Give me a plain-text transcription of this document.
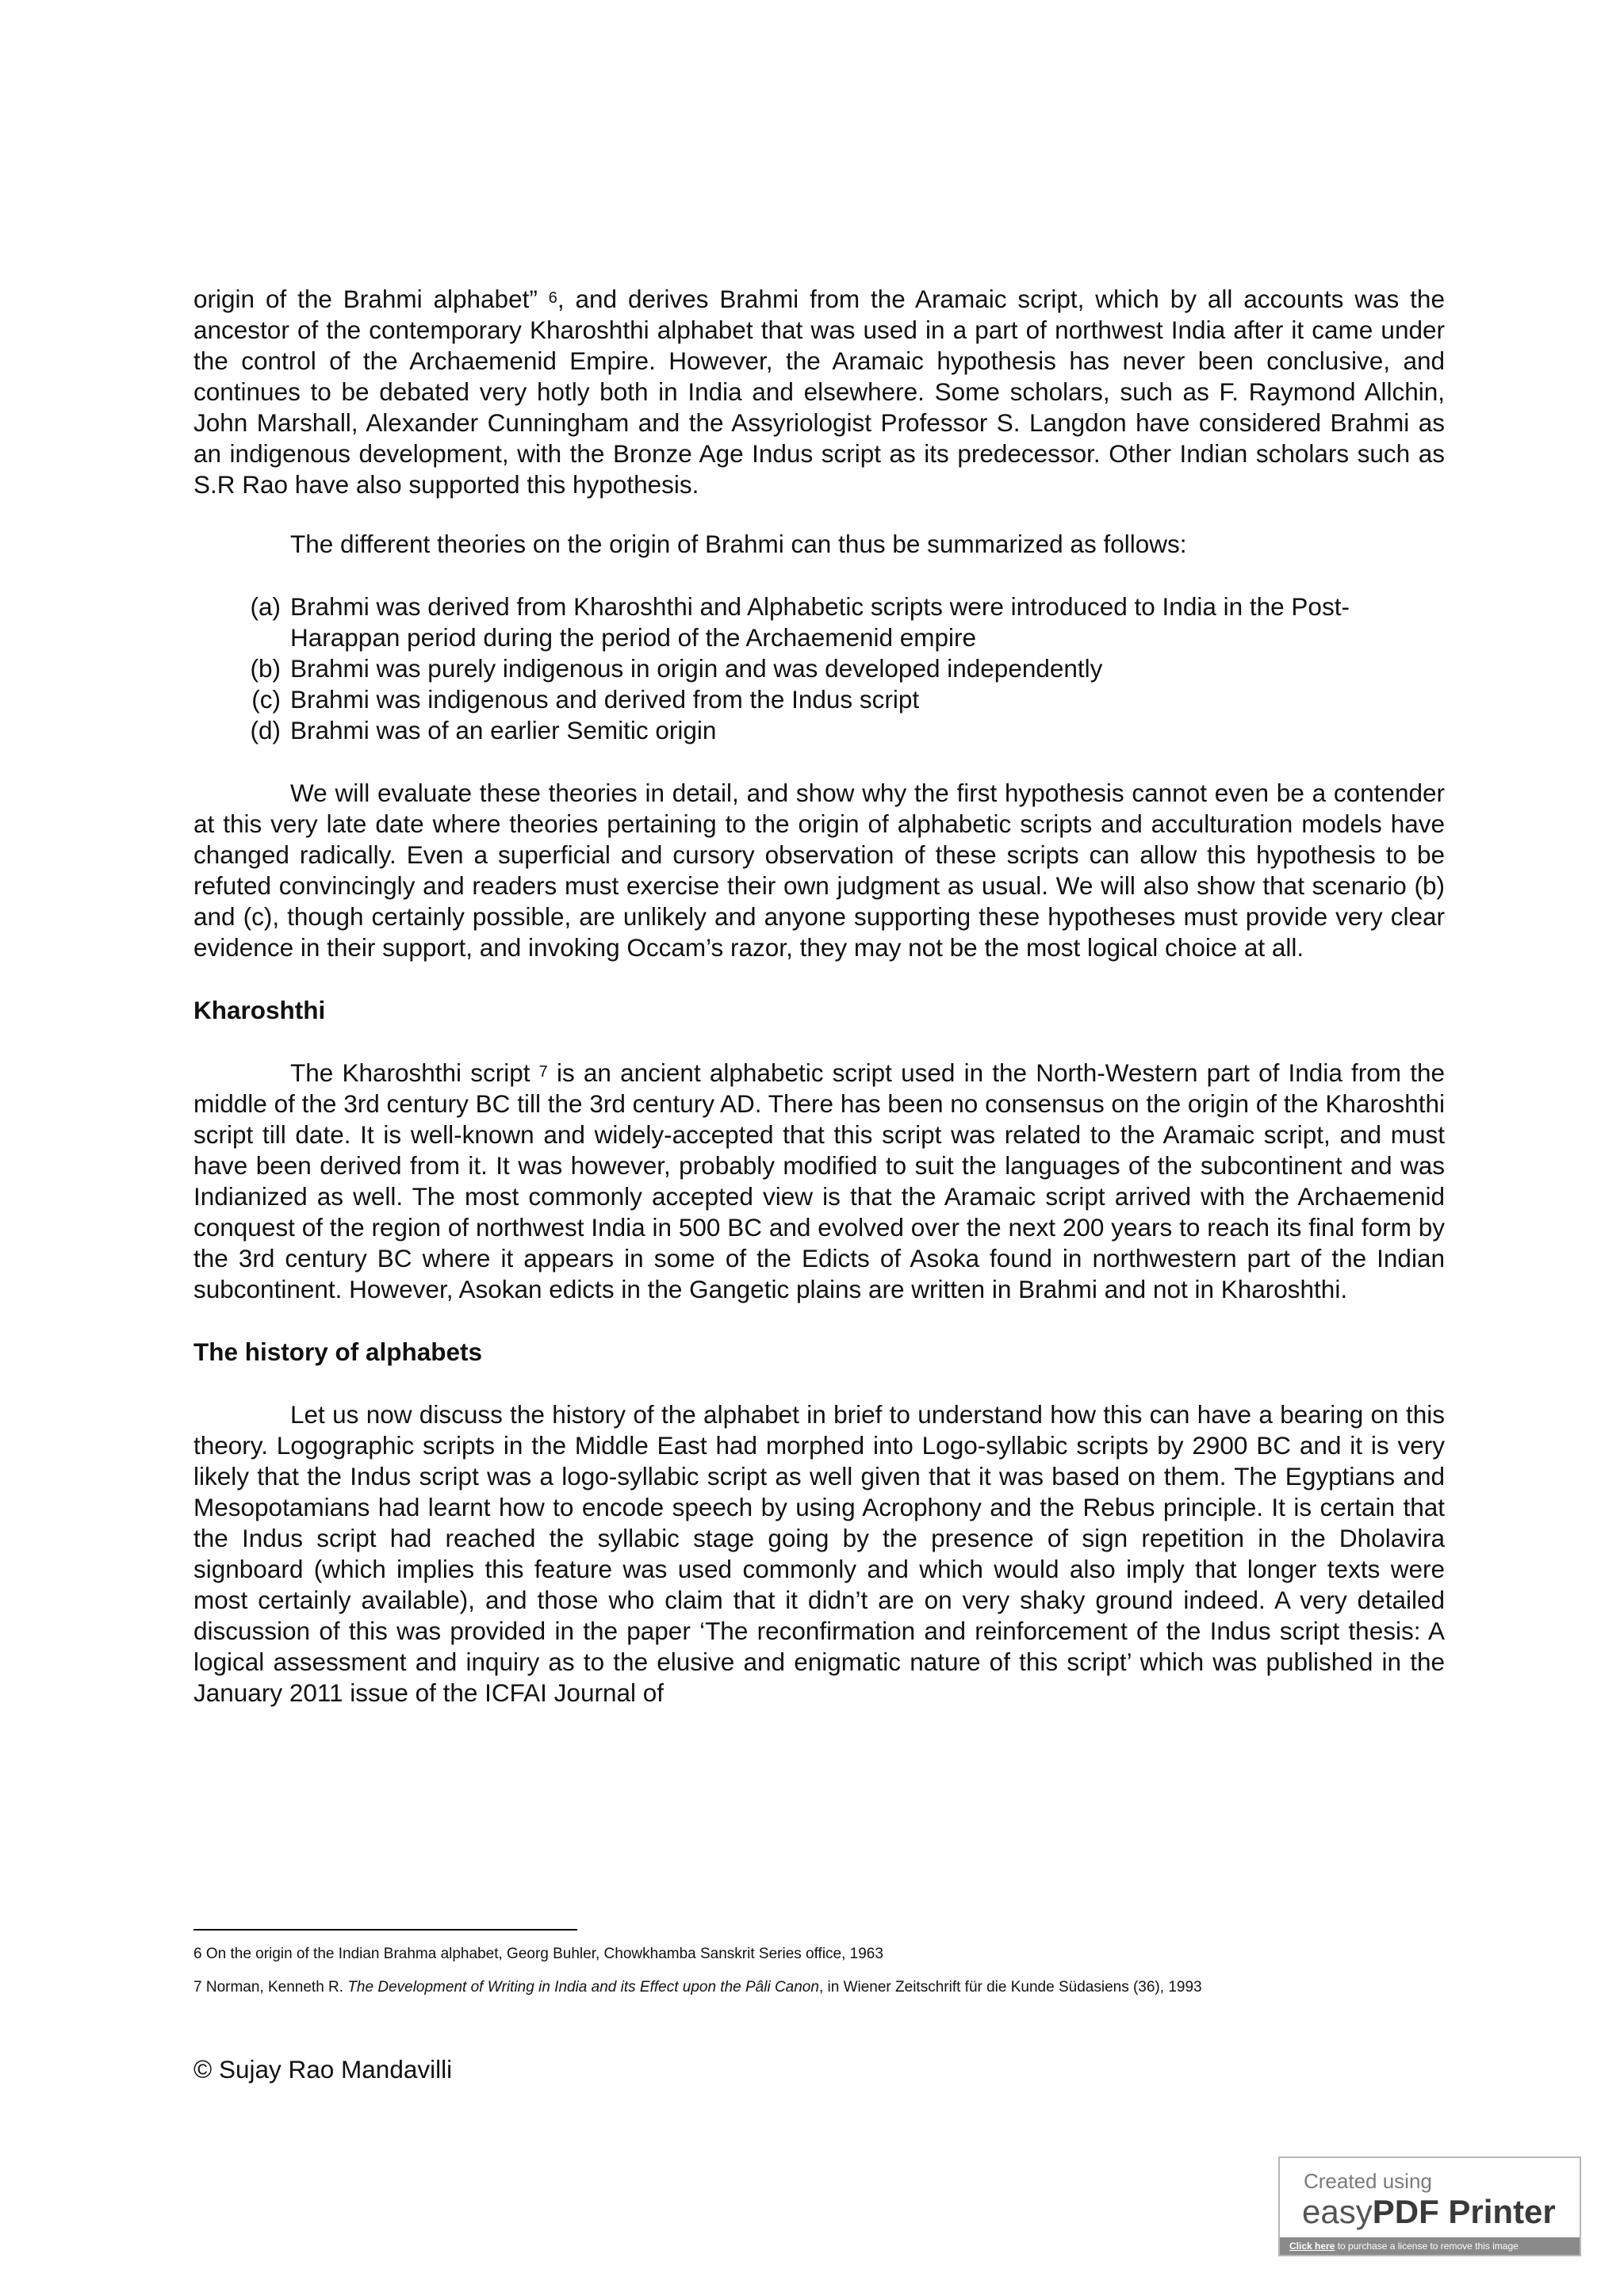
origin of the Brahmi alphabet” $^6$, and derives Brahmi from the Aramaic script, which by all accounts was the ancestor of the contemporary Kharoshthi alphabet that was used in a part of northwest India after it came under the control of the Archaemenid Empire. However, the Aramaic hypothesis has never been conclusive, and continues to be debated very hotly both in India and elsewhere. Some scholars, such as F. Raymond Allchin, John Marshall, Alexander Cunningham and the Assyriologist Professor S. Langdon have considered Brahmi as an indigenous development, with the Bronze Age Indus script as its predecessor. Other Indian scholars such as S.R Rao have also supported this hypothesis.

The different theories on the origin of Brahmi can thus be summarized as follows:

(a) Brahmi was derived from Kharoshthi and Alphabetic scripts were introduced to India in the Post-Harappan period during the period of the Archaemenid empire
(b) Brahmi was purely indigenous in origin and was developed independently
(c) Brahmi was indigenous and derived from the Indus script
(d) Brahmi was of an earlier Semitic origin

We will evaluate these theories in detail, and show why the first hypothesis cannot even be a contender at this very late date where theories pertaining to the origin of alphabetic scripts and acculturation models have changed radically. Even a superficial and cursory observation of these scripts can allow this hypothesis to be refuted convincingly and readers must exercise their own judgment as usual. We will also show that scenario (b) and (c), though certainly possible, are unlikely and anyone supporting these hypotheses must provide very clear evidence in their support, and invoking Occam’s razor, they may not be the most logical choice at all.

Kharoshthi

The Kharoshthi script $^7$ is an ancient alphabetic script used in the North-Western part of India from the middle of the 3rd century BC till the 3rd century AD. There has been no consensus on the origin of the Kharoshthi script till date. It is well-known and widely-accepted that this script was related to the Aramaic script, and must have been derived from it. It was however, probably modified to suit the languages of the subcontinent and was Indianized as well. The most commonly accepted view is that the Aramaic script arrived with the Archaemenid conquest of the region of northwest India in 500 BC and evolved over the next 200 years to reach its final form by the 3rd century BC where it appears in some of the Edicts of Asoka found in northwestern part of the Indian subcontinent. However, Asokan edicts in the Gangetic plains are written in Brahmi and not in Kharoshthi.

The history of alphabets

Let us now discuss the history of the alphabet in brief to understand how this can have a bearing on this theory. Logographic scripts in the Middle East had morphed into Logo-syllabic scripts by 2900 BC and it is very likely that the Indus script was a logo-syllabic script as well given that it was based on them. The Egyptians and Mesopotamians had learnt how to encode speech by using Acrophony and the Rebus principle. It is certain that the Indus script had reached the syllabic stage going by the presence of sign repetition in the Dholavira signboard (which implies this feature was used commonly and which would also imply that longer texts were most certainly available), and those who claim that it didn’t are on very shaky ground indeed. A very detailed discussion of this was provided in the paper ‘The reconfirmation and reinforcement of the Indus script thesis: A logical assessment and inquiry as to the elusive and enigmatic nature of this script’ which was published in the January 2011 issue of the ICFAI Journal of

6 On the origin of the Indian Brahma alphabet, Georg Buhler, Chowkhamba Sanskrit Series office, 1963

7 Norman, Kenneth R. The Development of Writing in India and its Effect upon the Pâli Canon, in Wiener Zeitschrift für die Kunde Südasiens (36), 1993

© Sujay Rao Mandavilli
Created using
easyPDF Printer
Click here to purchase a license to remove this image
